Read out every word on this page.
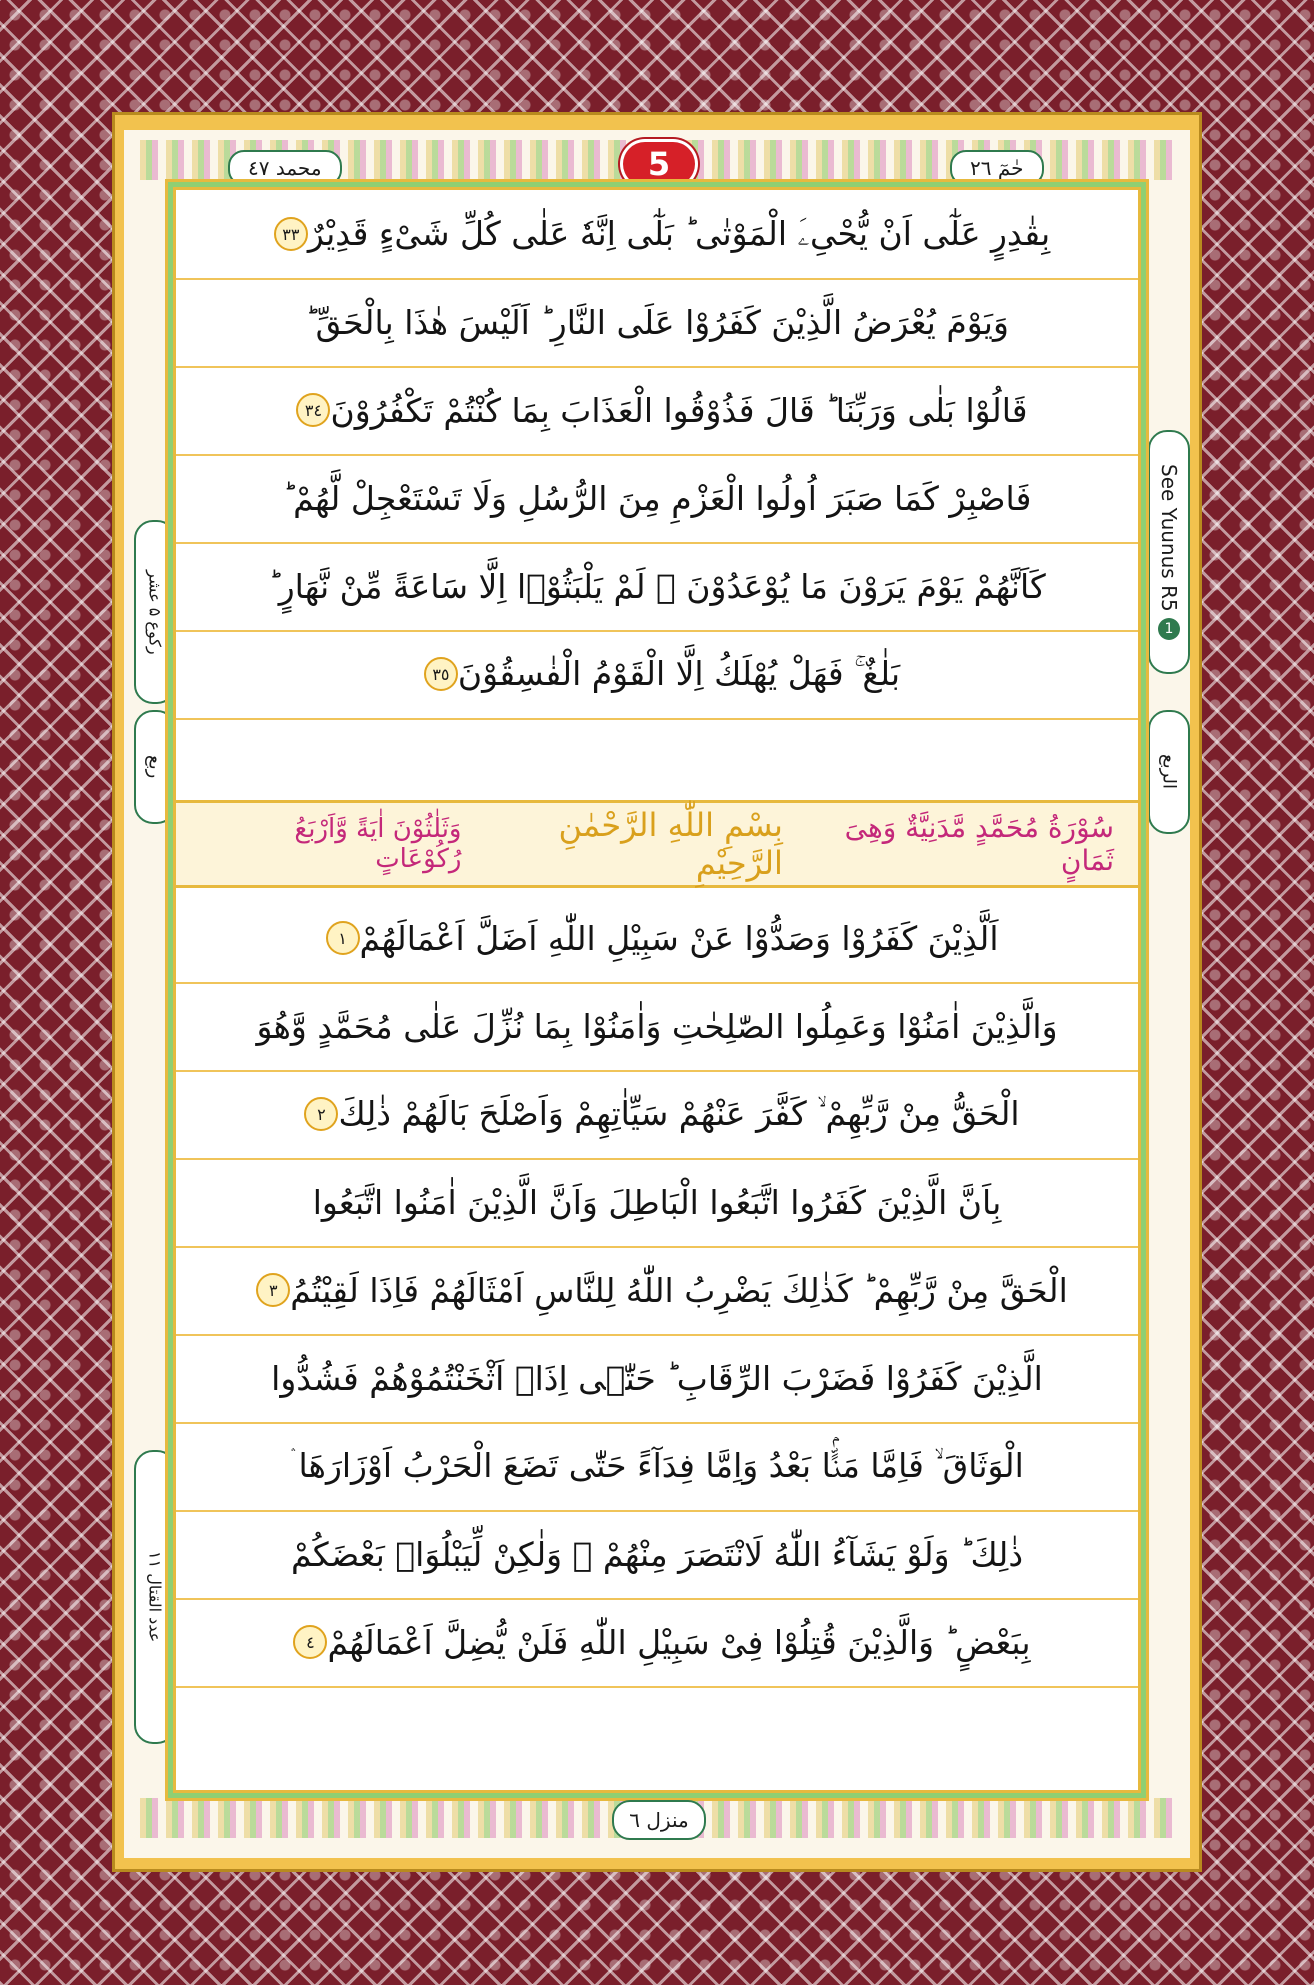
محمد ٤٧	5	حٰمٓ ٢٦
See Yuunus R5
1
الربع
رکوع ۵ عشر
ربع
عدد القتال ۱۱
بِقٰدِرٍ عَلٰٓى اَنْ يُّحْیِۦَ الْمَوْتٰى ؕ بَلٰٓى اِنَّهٗ عَلٰى كُلِّ شَیْءٍ قَدِیْرٌ
٣٣
وَیَوْمَ یُعْرَضُ الَّذِیْنَ كَفَرُوْا عَلَى النَّارِ ؕ اَلَیْسَ هٰذَا بِالْحَقِّ ؕ
قَالُوْا بَلٰى وَرَبِّنَا ؕ قَالَ فَذُوْقُوا الْعَذَابَ بِمَا كُنْتُمْ تَكْفُرُوْنَ
٣٤
فَاصْبِرْ كَمَا صَبَرَ اُولُوا الْعَزْمِ مِنَ الرُّسُلِ وَلَا تَسْتَعْجِلْ لَّهُمْ ؕ
كَاَنَّهُمْ یَوْمَ یَرَوْنَ مَا یُوْعَدُوْنَ ۙ لَمْ یَلْبَثُوْۤا اِلَّا سَاعَةً مِّنْ نَّهَارٍ ؕ
بَلٰغٌ ۚ فَهَلْ یُهْلَكُ اِلَّا الْقَوْمُ الْفٰسِقُوْنَ
٣٥
سُوْرَةُ مُحَمَّدٍ مَّدَنِیَّةٌ وَهِیَ ثَمَانٍ
بِسْمِ اللّٰهِ الرَّحْمٰنِ الرَّحِیْمِ
وَثَلٰثُوْنَ اٰیَةً وَّاَرْبَعُ رُكُوْعَاتٍ
اَلَّذِیْنَ كَفَرُوْا وَصَدُّوْا عَنْ سَبِیْلِ اللّٰهِ اَضَلَّ اَعْمَالَهُمْ
١
وَالَّذِیْنَ اٰمَنُوْا وَعَمِلُوا الصّٰلِحٰتِ وَاٰمَنُوْا بِمَا نُزِّلَ عَلٰى مُحَمَّدٍ وَّهُوَ
الْحَقُّ مِنْ رَّبِّهِمْ ۙ كَفَّرَ عَنْهُمْ سَیِّاٰتِهِمْ وَاَصْلَحَ بَالَهُمْ ذٰلِكَ
٢
بِاَنَّ الَّذِیْنَ كَفَرُوا اتَّبَعُوا الْبَاطِلَ وَاَنَّ الَّذِیْنَ اٰمَنُوا اتَّبَعُوا
الْحَقَّ مِنْ رَّبِّهِمْ ؕ كَذٰلِكَ یَضْرِبُ اللّٰهُ لِلنَّاسِ اَمْثَالَهُمْ فَاِذَا لَقِیْتُمُ
٣
الَّذِیْنَ كَفَرُوْا فَضَرْبَ الرِّقَابِ ؕ حَتّٰۤى اِذَاۤ اَثْخَنْتُمُوْهُمْ فَشُدُّوا
الْوَثَاقَ ۙ فَاِمَّا مَنًّۢا بَعْدُ وَاِمَّا فِدَآءً حَتّٰى تَضَعَ الْحَرْبُ اَوْزَارَهَا ۛ
ذٰلِكَ ؕ وَلَوْ یَشَآءُ اللّٰهُ لَانْتَصَرَ مِنْهُمْ ۙ وَلٰكِنْ لِّیَبْلُوَا۠ بَعْضَكُمْ
بِبَعْضٍ ؕ وَالَّذِیْنَ قُتِلُوْا فِیْ سَبِیْلِ اللّٰهِ فَلَنْ یُّضِلَّ اَعْمَالَهُمْ
٤
منزل ٦
